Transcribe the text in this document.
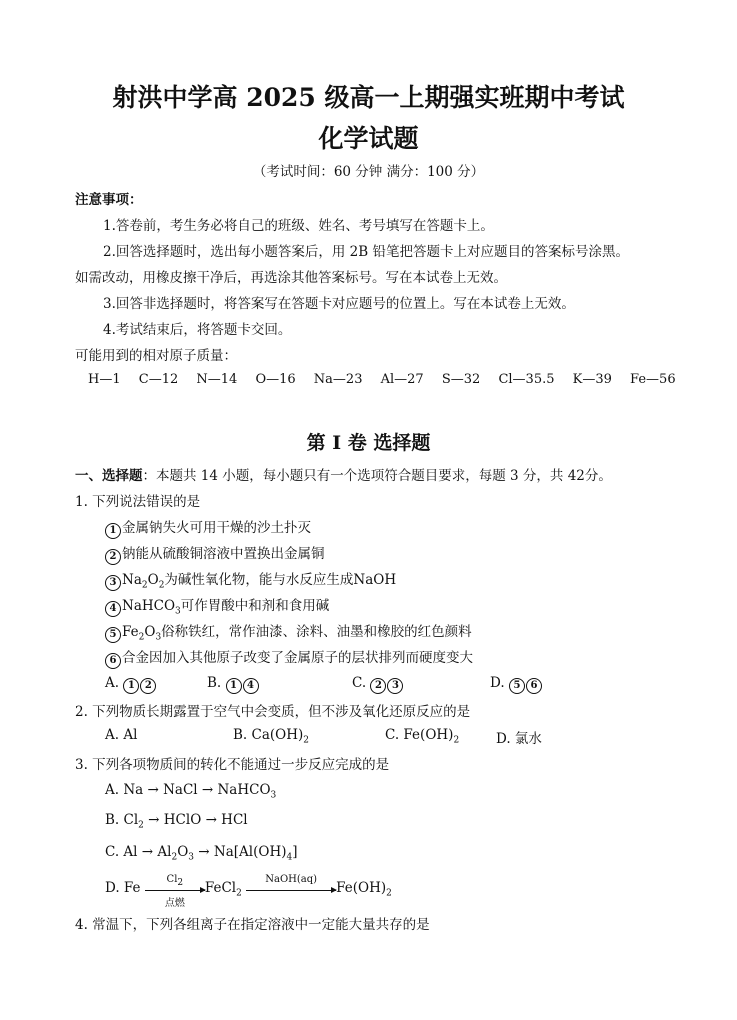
射洪中学高 2025 级高一上期强实班期中考试
化学试题
（考试时间：60 分钟 满分：100 分）
注意事项：
1.答卷前，考生务必将自己的班级、姓名、考号填写在答题卡上。
2.回答选择题时，选出每小题答案后，用 2B 铅笔把答题卡上对应题目的答案标号涂黑。
如需改动，用橡皮擦干净后，再选涂其他答案标号。写在本试卷上无效。
3.回答非选择题时，将答案写在答题卡对应题号的位置上。写在本试卷上无效。
4.考试结束后，将答题卡交回。
可能用到的相对原子质量：
H—1 C—12 N—14 O—16 Na—23 Al—27 S—32 Cl—35.5 K—39 Fe—56
第 I 卷 选择题
一、选择题：本题共 14 小题，每小题只有一个选项符合题目要求，每题 3 分，共 42分。
1. 下列说法错误的是
1 金属钠失火可用干燥的沙土扑灭
2 钠能从硫酸铜溶液中置换出金属铜
3 $Na_2O_2$为碱性氧化物，能与水反应生成NaOH
4 NaHCO$_3$可作胃酸中和剂和食用碱
5 $Fe_2O_3$俗称铁红，常作油漆、涂料、油墨和橡胶的红色颜料
6 合金因加入其他原子改变了金属原子的层状排列而硬度变大
A. 1 2	B. 1 4	C. 2 3	D. 5 6
2. 下列物质长期露置于空气中会变质，但不涉及氧化还原反应的是
A. Al	B. $Ca(OH)_2$	C. $Fe(OH)_2$	D. 氯水
3. 下列各项物质间的转化不能通过一步反应完成的是
A. Na → NaCl → NaHCO$_3$
B. $Cl_2$ → HClO → HCl
C. $Al \to Al_2O_3 \to Na[Al(OH)_4]$
D. Fe
$Cl_2$
点燃
FeCl$_2$
NaOH(aq)
$Fe(OH)_2$
4. 常温下，下列各组离子在指定溶液中一定能大量共存的是
